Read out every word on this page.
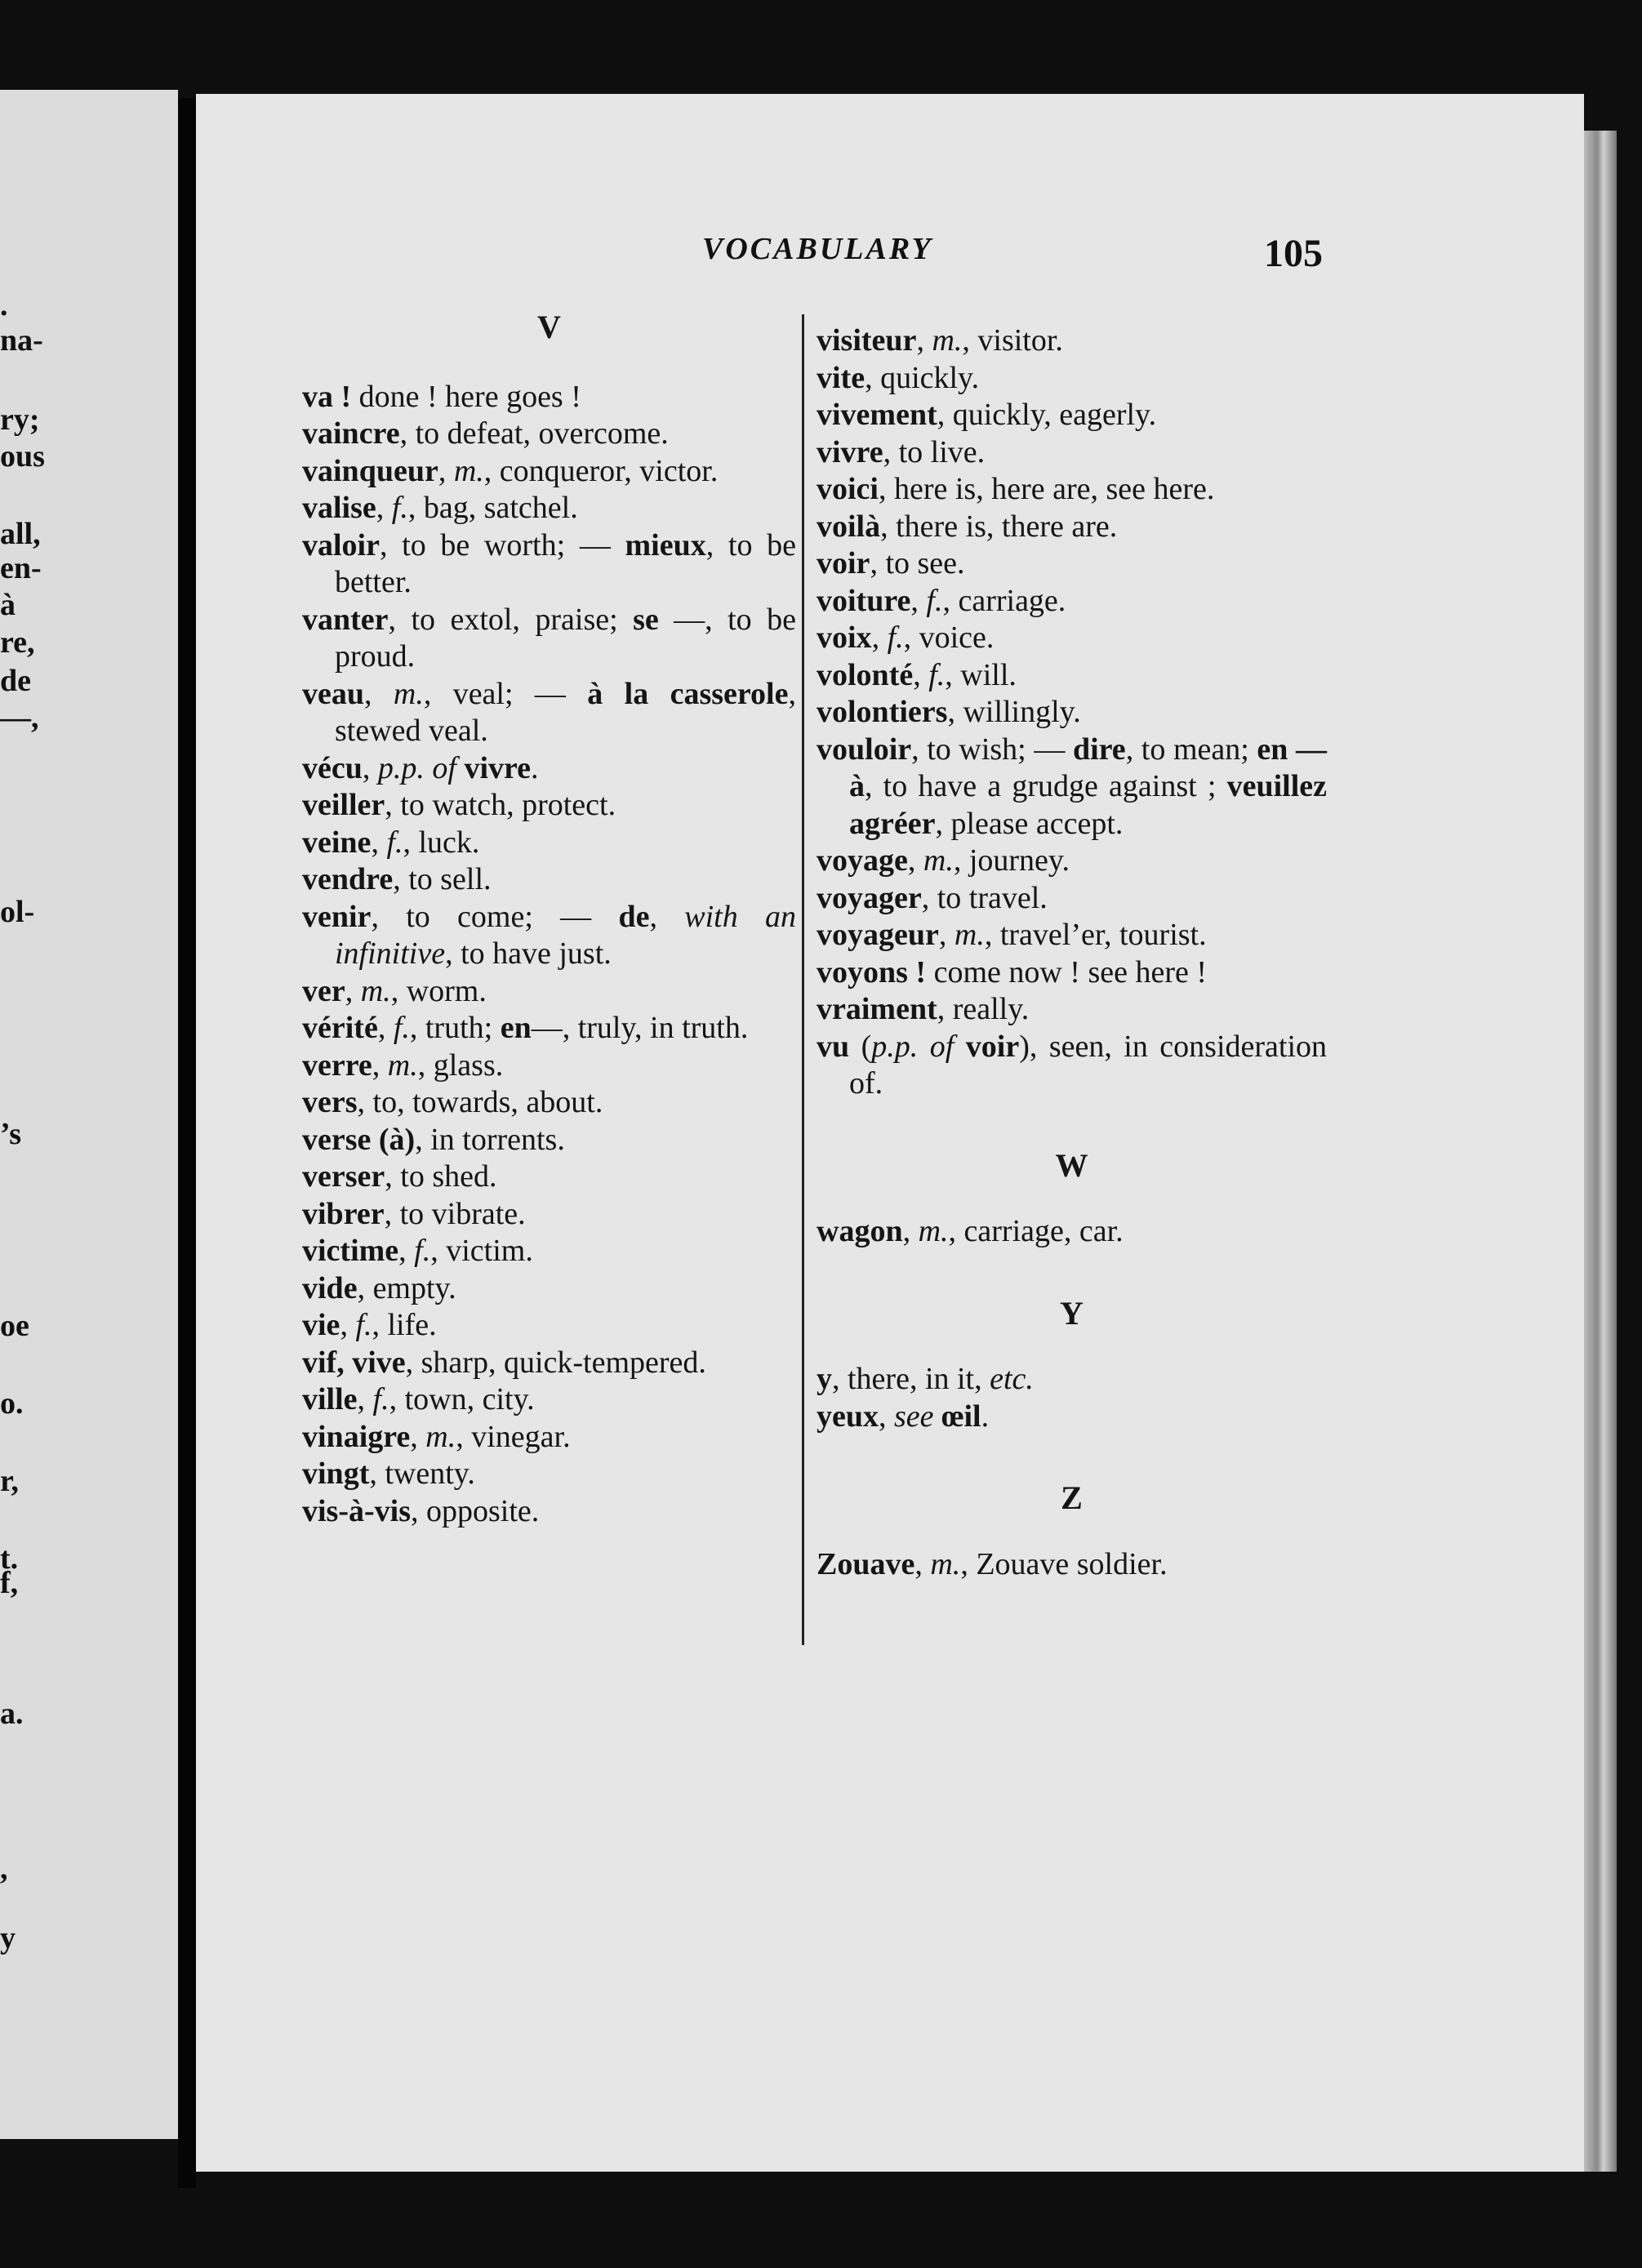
.
na-
ry;
ous
all,
en-
à
re,
de
—,
ol-
’s
oe
o.
r,
t.
f,
a.
,
y
VOCABULARY	105

V

va ! done ! here goes !

vaincre, to defeat, overcome.

vainqueur, m., conqueror, victor.

valise, f., bag, satchel.

valoir, to be worth; — mieux, to be better.

vanter, to extol, praise; se —, to be proud.

veau, m., veal; — à la casserole, stewed veal.

vécu, p.p. of vivre.

veiller, to watch, protect.

veine, f., luck.

vendre, to sell.

venir, to come; — de, with an infinitive, to have just.

ver, m., worm.

vérité, f., truth; en—, truly, in truth.

verre, m., glass.

vers, to, towards, about.

verse (à), in torrents.

verser, to shed.

vibrer, to vibrate.

victime, f., victim.

vide, empty.

vie, f., life.

vif, vive, sharp, quick-tempered.

ville, f., town, city.

vinaigre, m., vinegar.

vingt, twenty.

vis-à-vis, opposite.

visiteur, m., visitor.

vite, quickly.

vivement, quickly, eagerly.

vivre, to live.

voici, here is, here are, see here.

voilà, there is, there are.

voir, to see.

voiture, f., carriage.

voix, f., voice.

volonté, f., will.

volontiers, willingly.

vouloir, to wish; — dire, to mean; en — à, to have a grudge against ; veuillez agréer, please accept.

voyage, m., journey.

voyager, to travel.

voyageur, m., travel’er, tourist.

voyons ! come now ! see here !

vraiment, really.

vu (p.p. of voir), seen, in consideration of.

W

wagon, m., carriage, car.

Y

y, there, in it, etc.

yeux, see œil.

Z

Zouave, m., Zouave soldier.
